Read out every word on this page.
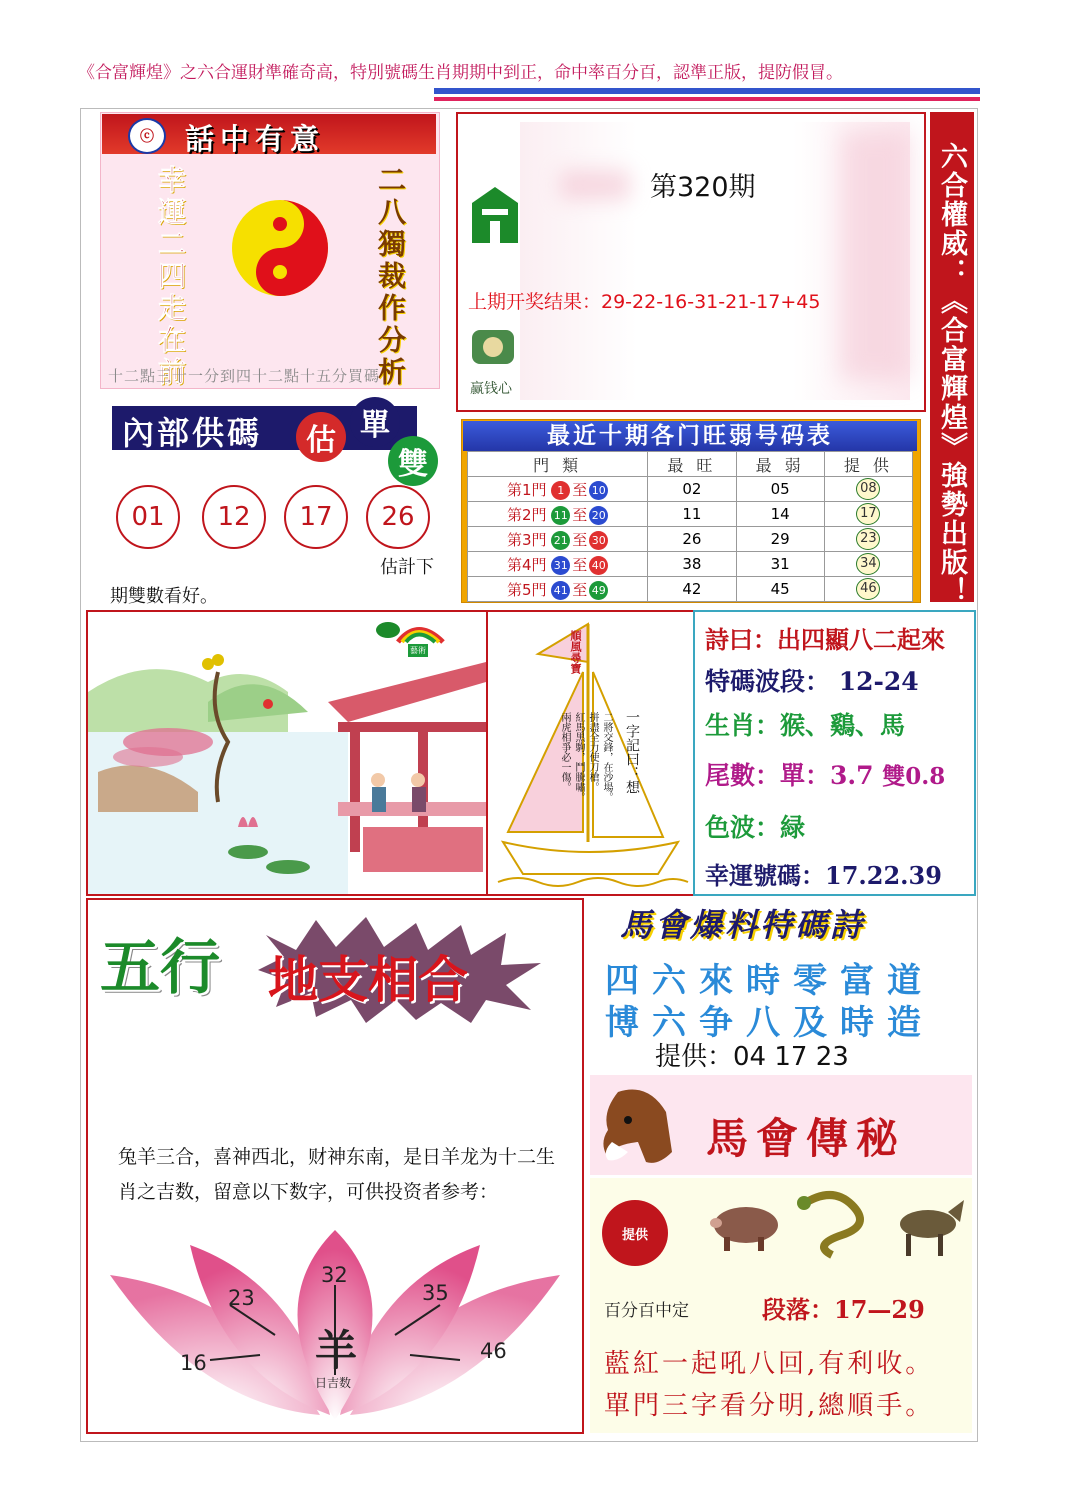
《合富輝煌》之六合運財準確奇高，特別號碼生肖期期中到正，命中率百分百，認準正版，提防假冒。
ⓒ	話中有意
幸運二四走在前	二八獨裁作分析
十二點三十一分到四十二點十五分買碼
內部供碼	估 單
雙
01	12	17	26
估計下
期雙數看好。
第320期
上期开奖结果：29-22-16-31-21-17+45
赢钱心	六合權威：《合富輝煌》強勢出版！
最近十期各门旺弱号码表
門 類	最 旺	最 弱	提 供
第1門 1 至 10	02	05	08
第2門 11 至 20	11	14	17
第3門 21 至 30	26	29	23
第4門 31 至 40	38	31	34
第5門 41 至 49	42	45	46
藝術	順風尋寶
一字記曰：想
二將交鋒，在沙場。
拼盡全力使刀槍。
紅馬黑駒，鬥騰嘯。
兩虎相爭必一傷。
詩曰：出四顯八二起來
特碼波段： 12-24
生肖：猴、鷄、馬
尾數：單：3.7 雙0.8
色波：緑
幸運號碼：17.22.39
五行 地支相合
兔羊三合，喜神西北，财神东南，是日羊龙为十二生肖之吉数，留意以下数字，可供投资者参考：
16
23
32
35
46
羊
日吉数
馬會爆料特碼詩
四六來時零富道
博六争八及時造
提供：04 17 23
馬會傳秘
提供
百分百中定	段落：17—29
藍紅一起吼八回,有利收。
單門三字看分明,總順手。
